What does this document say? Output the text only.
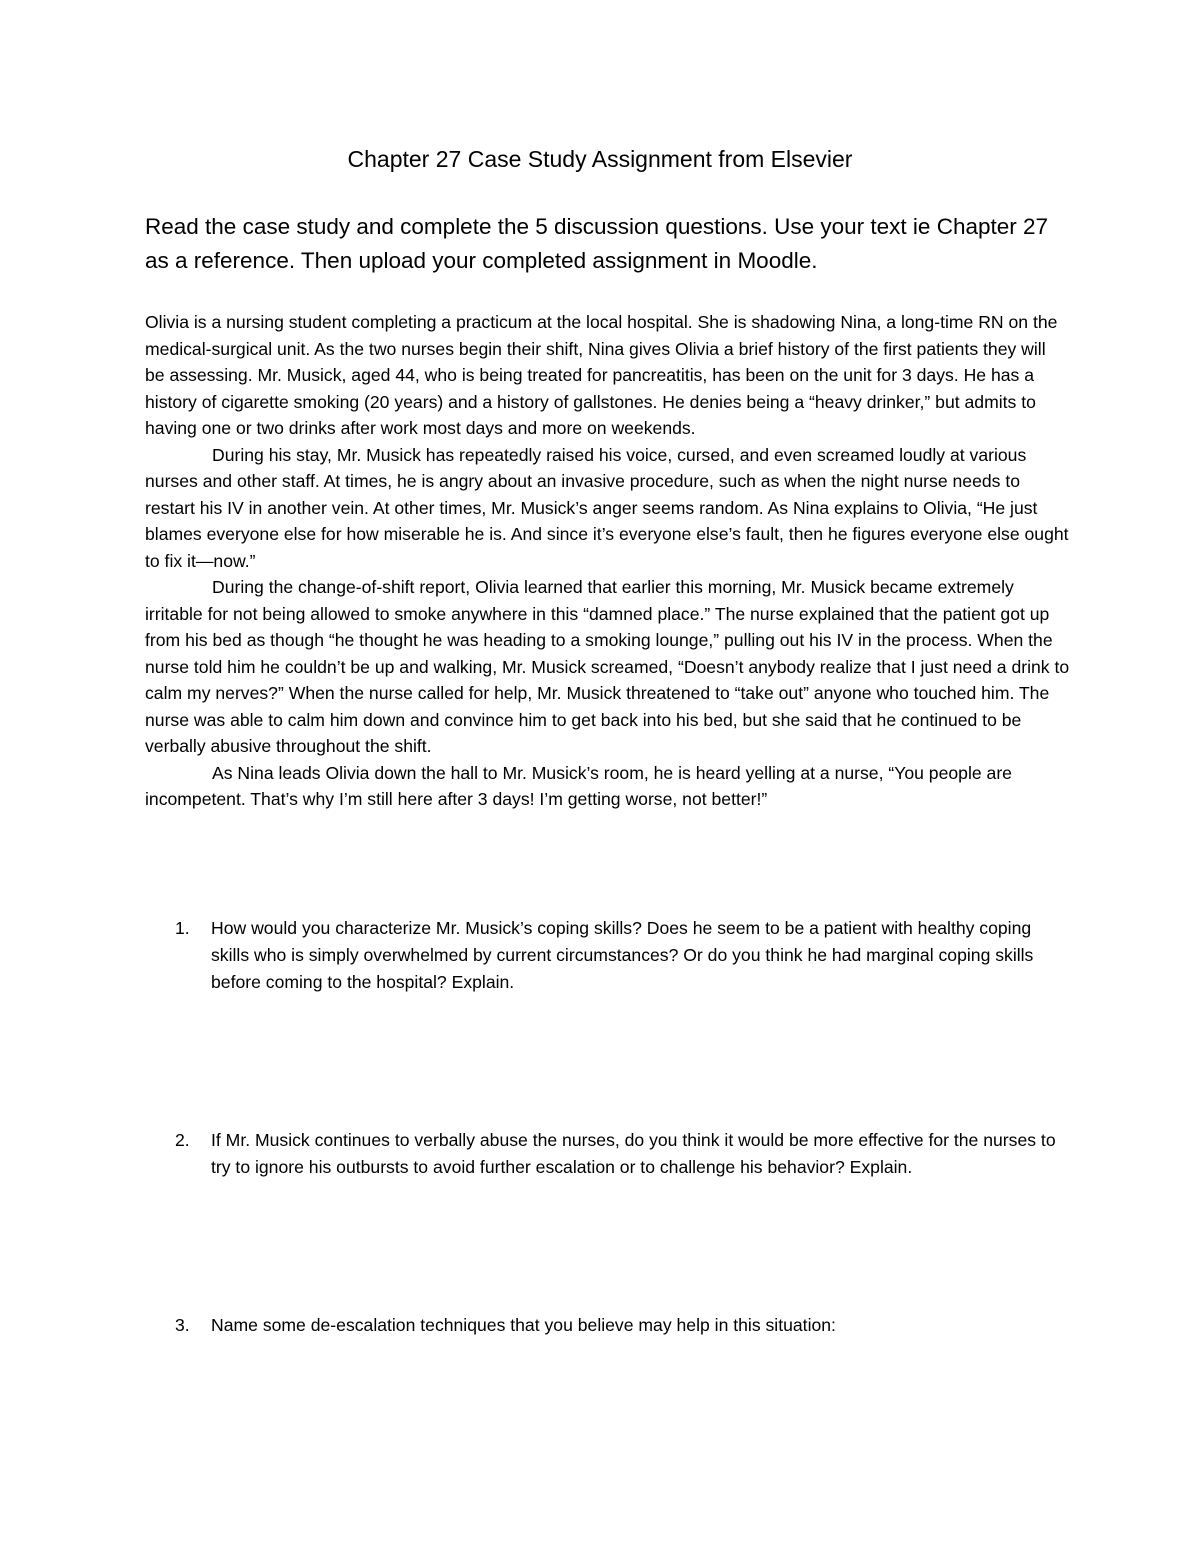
Chapter 27 Case Study Assignment from Elsevier

Read the case study and complete the 5 discussion questions. Use your text ie Chapter 27 as a reference. Then upload your completed assignment in Moodle.

Olivia is a nursing student completing a practicum at the local hospital. She is shadowing Nina, a long-time RN on the medical-surgical unit. As the two nurses begin their shift, Nina gives Olivia a brief history of the first patients they will be assessing. Mr. Musick, aged 44, who is being treated for pancreatitis, has been on the unit for 3 days. He has a history of cigarette smoking (20 years) and a history of gallstones. He denies being a “heavy drinker,” but admits to having one or two drinks after work most days and more on weekends.

During his stay, Mr. Musick has repeatedly raised his voice, cursed, and even screamed loudly at various nurses and other staff. At times, he is angry about an invasive procedure, such as when the night nurse needs to restart his IV in another vein. At other times, Mr. Musick’s anger seems random. As Nina explains to Olivia, “He just blames everyone else for how miserable he is. And since it’s everyone else’s fault, then he figures everyone else ought to fix it—now.”

During the change-of-shift report, Olivia learned that earlier this morning, Mr. Musick became extremely irritable for not being allowed to smoke anywhere in this “damned place.” The nurse explained that the patient got up from his bed as though “he thought he was heading to a smoking lounge,” pulling out his IV in the process. When the nurse told him he couldn’t be up and walking, Mr. Musick screamed, “Doesn’t anybody realize that I just need a drink to calm my nerves?” When the nurse called for help, Mr. Musick threatened to “take out” anyone who touched him. The nurse was able to calm him down and convince him to get back into his bed, but she said that he continued to be verbally abusive throughout the shift.

As Nina leads Olivia down the hall to Mr. Musick’s room, he is heard yelling at a nurse, “You people are incompetent. That’s why I’m still here after 3 days! I’m getting worse, not better!”

1.	How would you characterize Mr. Musick’s coping skills? Does he seem to be a patient with healthy coping skills who is simply overwhelmed by current circumstances? Or do you think he had marginal coping skills before coming to the hospital? Explain.
2.	If Mr. Musick continues to verbally abuse the nurses, do you think it would be more effective for the nurses to try to ignore his outbursts to avoid further escalation or to challenge his behavior? Explain.
3.	Name some de-escalation techniques that you believe may help in this situation:
